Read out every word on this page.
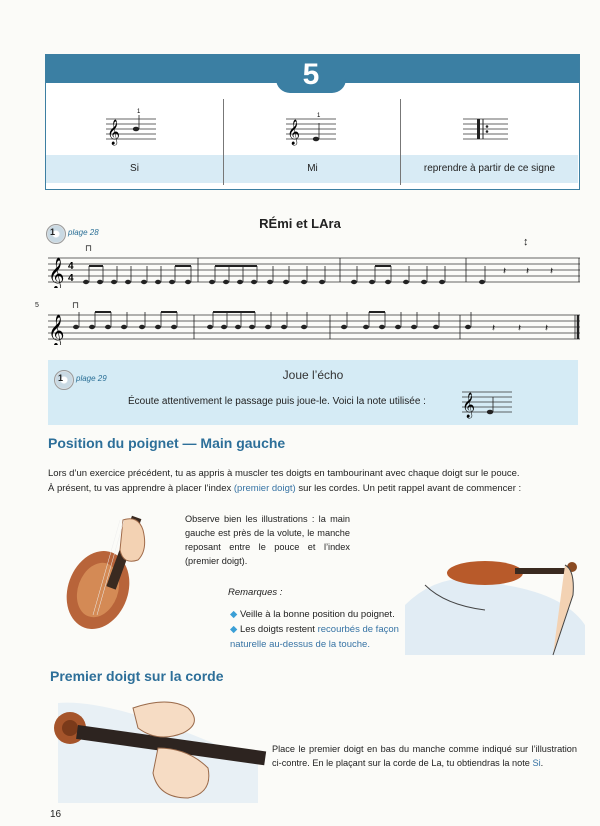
5
𝄞
1
Si
𝄞
1
Mi	reprendre à partir de ce signe
RÉmi et LAra
1 plage 28
𝄞 4
4
𝄽 𝄽 𝄽
↕
⊓
5	⊓
𝄞	𝄽 𝄽 𝄽
Joue l’écho
1 plage 29
Écoute attentivement le passage puis joue-le. Voici la note utilisée : 𝄞
Position du poignet — Main gauche
Lors d’un exercice précédent, tu as appris à muscler tes doigts en tambourinant avec chaque doigt sur le pouce.
À présent, tu vas apprendre à placer l’index (premier doigt) sur les cordes. Un petit rappel avant de commencer :
Observe bien les illustrations : la main gauche est près de la volute, le manche reposant entre le pouce et l’index (premier doigt).
Remarques :
◆ Veille à la bonne position du poignet.
◆ Les doigts restent recourbés de façon naturelle au-dessus de la touche.
Premier doigt sur la corde
Place le premier doigt en bas du manche comme indiqué sur l’illustration ci-contre. En le plaçant sur la corde de La, tu obtiendras la note Si.
16
